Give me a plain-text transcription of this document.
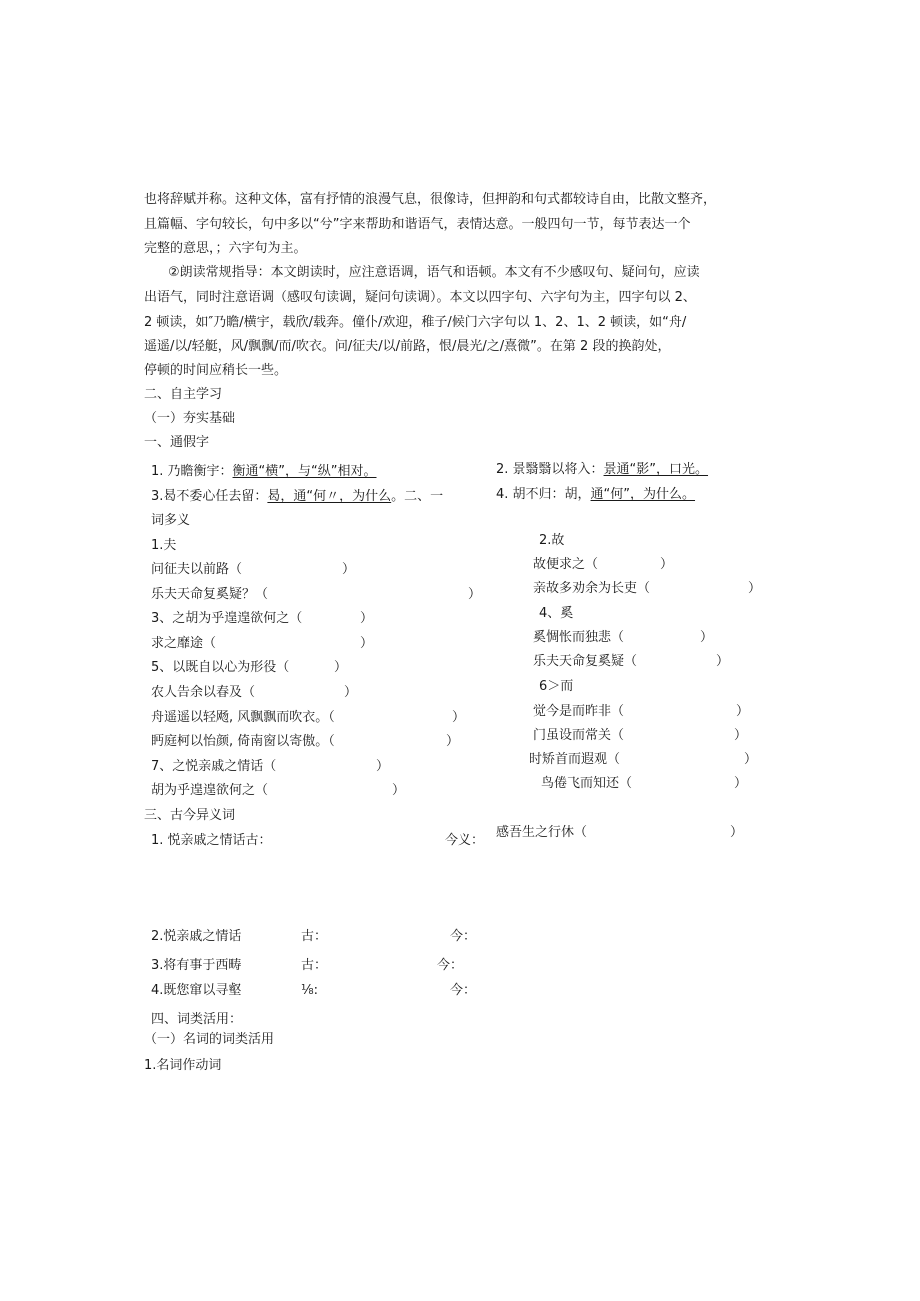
也将辞赋并称。这种文体，富有抒情的浪漫气息，很像诗，但押韵和句式都较诗自由，比散文整齐，
且篇幅、字句较长，句中多以“兮”字来帮助和谐语气，表情达意。一般四句一节，每节表达一个
完整的意思，；六字句为主。
②朗读常规指导：本文朗读时，应注意语调，语气和语顿。本文有不少感叹句、疑问句，应读
出语气，同时注意语调（感叹句读调，疑问句读调）。本文以四字句、六字句为主，四字句以 2、
2 顿读，如″乃瞻/横宇，载欣/载奔。僮仆/欢迎，稚子/候门六字句以 1、2、1、2 顿读，如“舟/
遥遥/以/轻艇，风/飘飘/而/吹衣。问/征夫/以/前路，恨/晨光/之/熹微”。在第 2 段的换韵处，
停顿的时间应稍长一些。
二、自主学习
（一）夯实基础
一、通假字
1. 乃瞻衡宇：衡通“横”，与“纵”相对。	2. 景翳翳以将入：景通“影”，口光。
3.曷不委心任去留：曷，通“何〃，为什么。二、一	4. 胡不归：胡，通“何”，为什么。
词多义
1.夫
问征夫以前路（	）
乐夫天命复奚疑？（	）
3、之胡为乎遑遑欲何之（	）
求之靡途（	）
5、以既自以心为形役（	）
农人告余以春及（	）
舟遥遥以轻飏, 风飘飘而吹衣。（	）
眄庭柯以怡颜, 倚南窗以寄傲。（	）
7、之悦亲戚之情话（	）
胡为乎遑遑欲何之（	）
2.故
故便求之（	）
亲故多劝余为长吏（	）
4、奚
奚惆怅而独悲（	）
乐夫天命复奚疑（	）
6＞而
觉今是而昨非（	）
门虽设而常关（	）
时矫首而遐观（	）
鸟倦飞而知还（	）
三、古今异义词
1. 悦亲戚之情话古：	今义：
感吾生之行休（	）
2.悦亲戚之情话	古：	今：
3.将有事于西畴	古：	今：
4.既您窜以寻壑	⅛:	今：
四、词类活用：
（一）名词的词类活用
1.名词作动词
